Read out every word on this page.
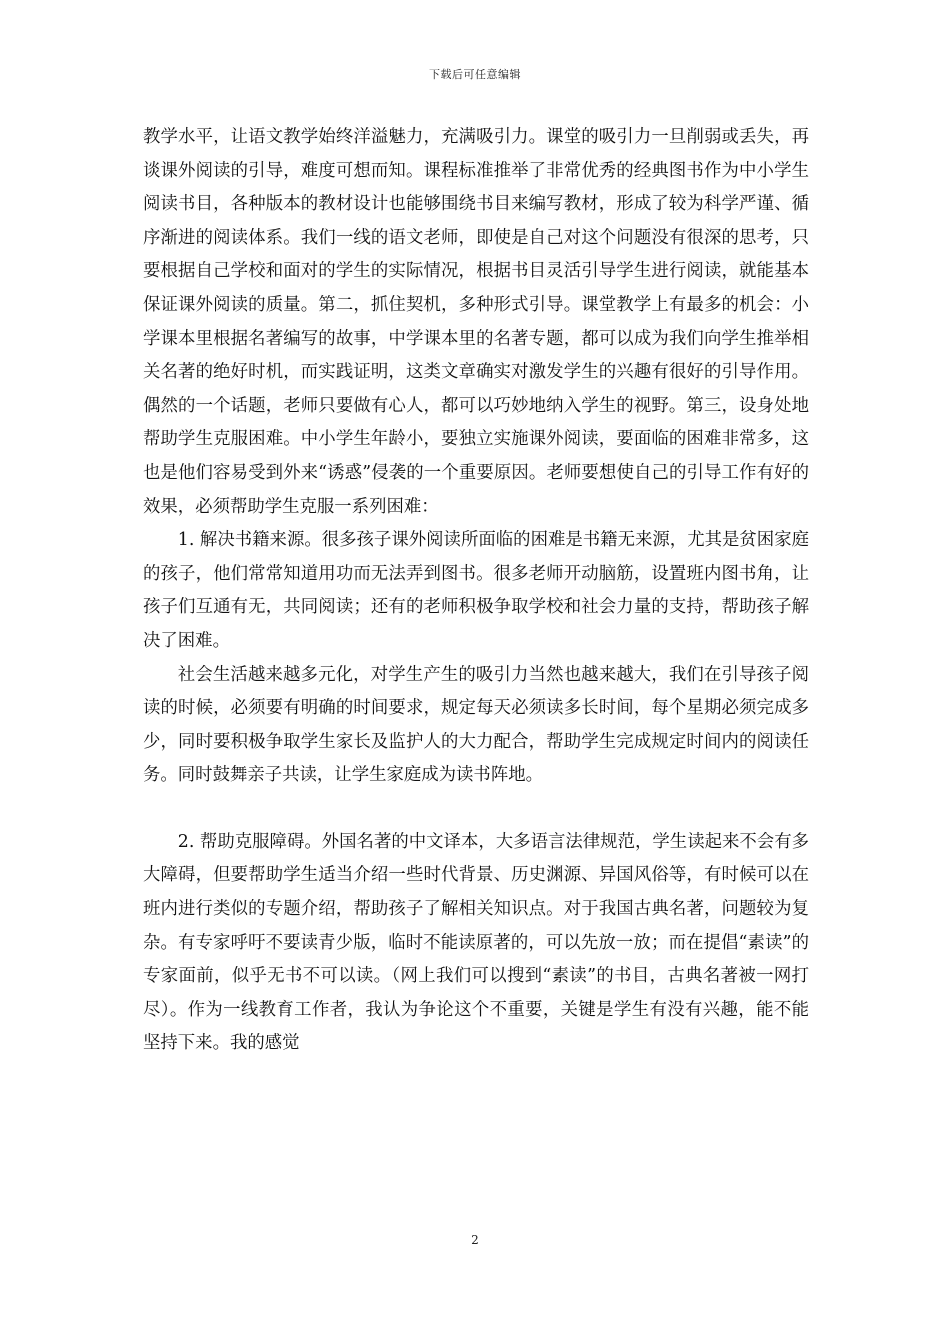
下载后可任意编辑

教学水平，让语文教学始终洋溢魅力，充满吸引力。课堂的吸引力一旦削弱或丢失，再谈课外阅读的引导，难度可想而知。课程标准推举了非常优秀的经典图书作为中小学生阅读书目，各种版本的教材设计也能够围绕书目来编写教材，形成了较为科学严谨、循序渐进的阅读体系。我们一线的语文老师，即使是自己对这个问题没有很深的思考，只要根据自己学校和面对的学生的实际情况，根据书目灵活引导学生进行阅读，就能基本保证课外阅读的质量。第二，抓住契机，多种形式引导。课堂教学上有最多的机会：小学课本里根据名著编写的故事，中学课本里的名著专题，都可以成为我们向学生推举相关名著的绝好时机，而实践证明，这类文章确实对激发学生的兴趣有很好的引导作用。偶然的一个话题，老师只要做有心人，都可以巧妙地纳入学生的视野。第三，设身处地帮助学生克服困难。中小学生年龄小，要独立实施课外阅读，要面临的困难非常多，这也是他们容易受到外来“诱惑”侵袭的一个重要原因。老师要想使自己的引导工作有好的效果，必须帮助学生克服一系列困难：

1. 解决书籍来源。很多孩子课外阅读所面临的困难是书籍无来源，尤其是贫困家庭的孩子，他们常常知道用功而无法弄到图书。很多老师开动脑筋，设置班内图书角，让孩子们互通有无，共同阅读；还有的老师积极争取学校和社会力量的支持，帮助孩子解决了困难。

社会生活越来越多元化，对学生产生的吸引力当然也越来越大，我们在引导孩子阅读的时候，必须要有明确的时间要求，规定每天必须读多长时间，每个星期必须完成多少，同时要积极争取学生家长及监护人的大力配合，帮助学生完成规定时间内的阅读任务。同时鼓舞亲子共读，让学生家庭成为读书阵地。

2. 帮助克服障碍。外国名著的中文译本，大多语言法律规范，学生读起来不会有多大障碍，但要帮助学生适当介绍一些时代背景、历史渊源、异国风俗等，有时候可以在班内进行类似的专题介绍，帮助孩子了解相关知识点。对于我国古典名著，问题较为复杂。有专家呼吁不要读青少版，临时不能读原著的，可以先放一放；而在提倡“素读”的专家面前，似乎无书不可以读。（网上我们可以搜到“素读”的书目，古典名著被一网打尽）。作为一线教育工作者，我认为争论这个不重要，关键是学生有没有兴趣，能不能坚持下来。我的感觉

2
